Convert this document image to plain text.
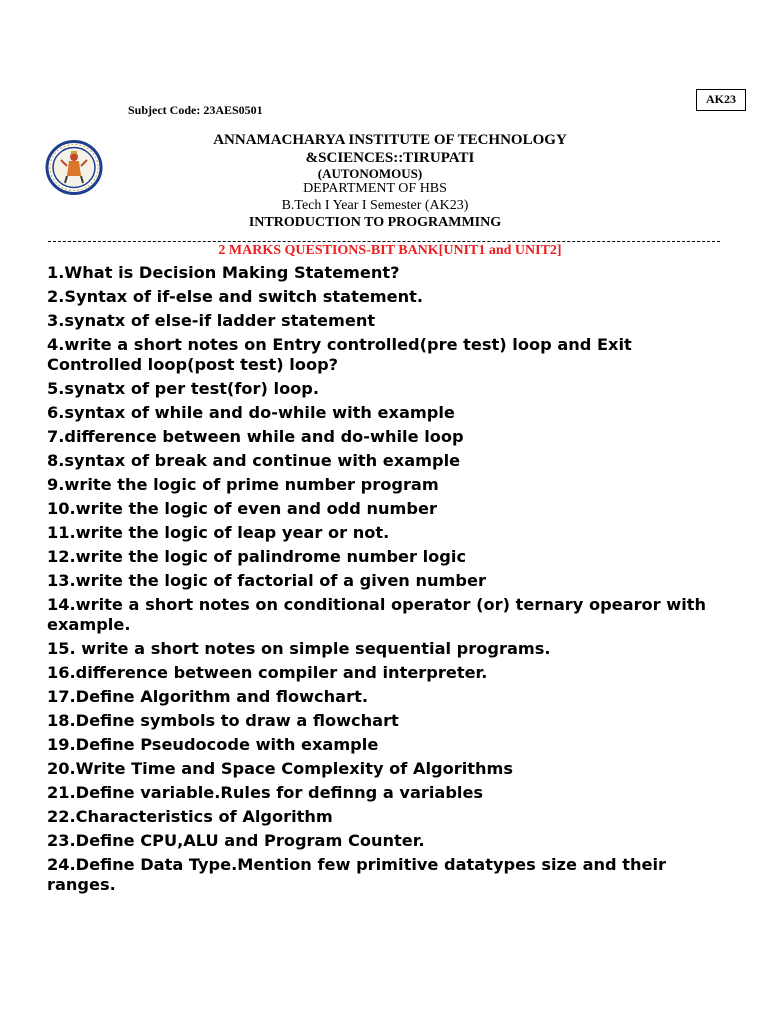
AK23
Subject Code: 23AES0501
ANNAMACHARYA INSTITUTE OF TECHNOLOGY
&SCIENCES::TIRUPATI
(AUTONOMOUS)
DEPARTMENT OF HBS
B.Tech I Year I Semester (AK23)
INTRODUCTION TO PROGRAMMING
2 MARKS QUESTIONS-BIT BANK[UNIT1 and UNIT2]
1.What is Decision Making Statement?
2.Syntax of if-else and switch statement.
3.synatx of else-if ladder statement
4.write a short notes on Entry controlled(pre test) loop and Exit Controlled loop(post test) loop?
5.synatx of per test(for) loop.
6.syntax of while and do-while with example
7.difference between while and do-while loop
8.syntax of break and continue with example
9.write the logic of prime number program
10.write the logic of even and odd number
11.write the logic of leap year or not.
12.write the logic of palindrome number logic
13.write the logic of factorial of a given number
14.write a short notes on conditional operator (or) ternary opearor with example.
15. write a short notes on simple sequential programs.
16.difference between compiler and interpreter.
17.Define Algorithm and flowchart.
18.Define symbols to draw a flowchart
19.Define Pseudocode with example
20.Write Time and Space Complexity of Algorithms
21.Define variable.Rules for definng a variables
22.Characteristics of Algorithm
23.Define CPU,ALU and Program Counter.
24.Define Data Type.Mention few primitive datatypes size and their ranges.
